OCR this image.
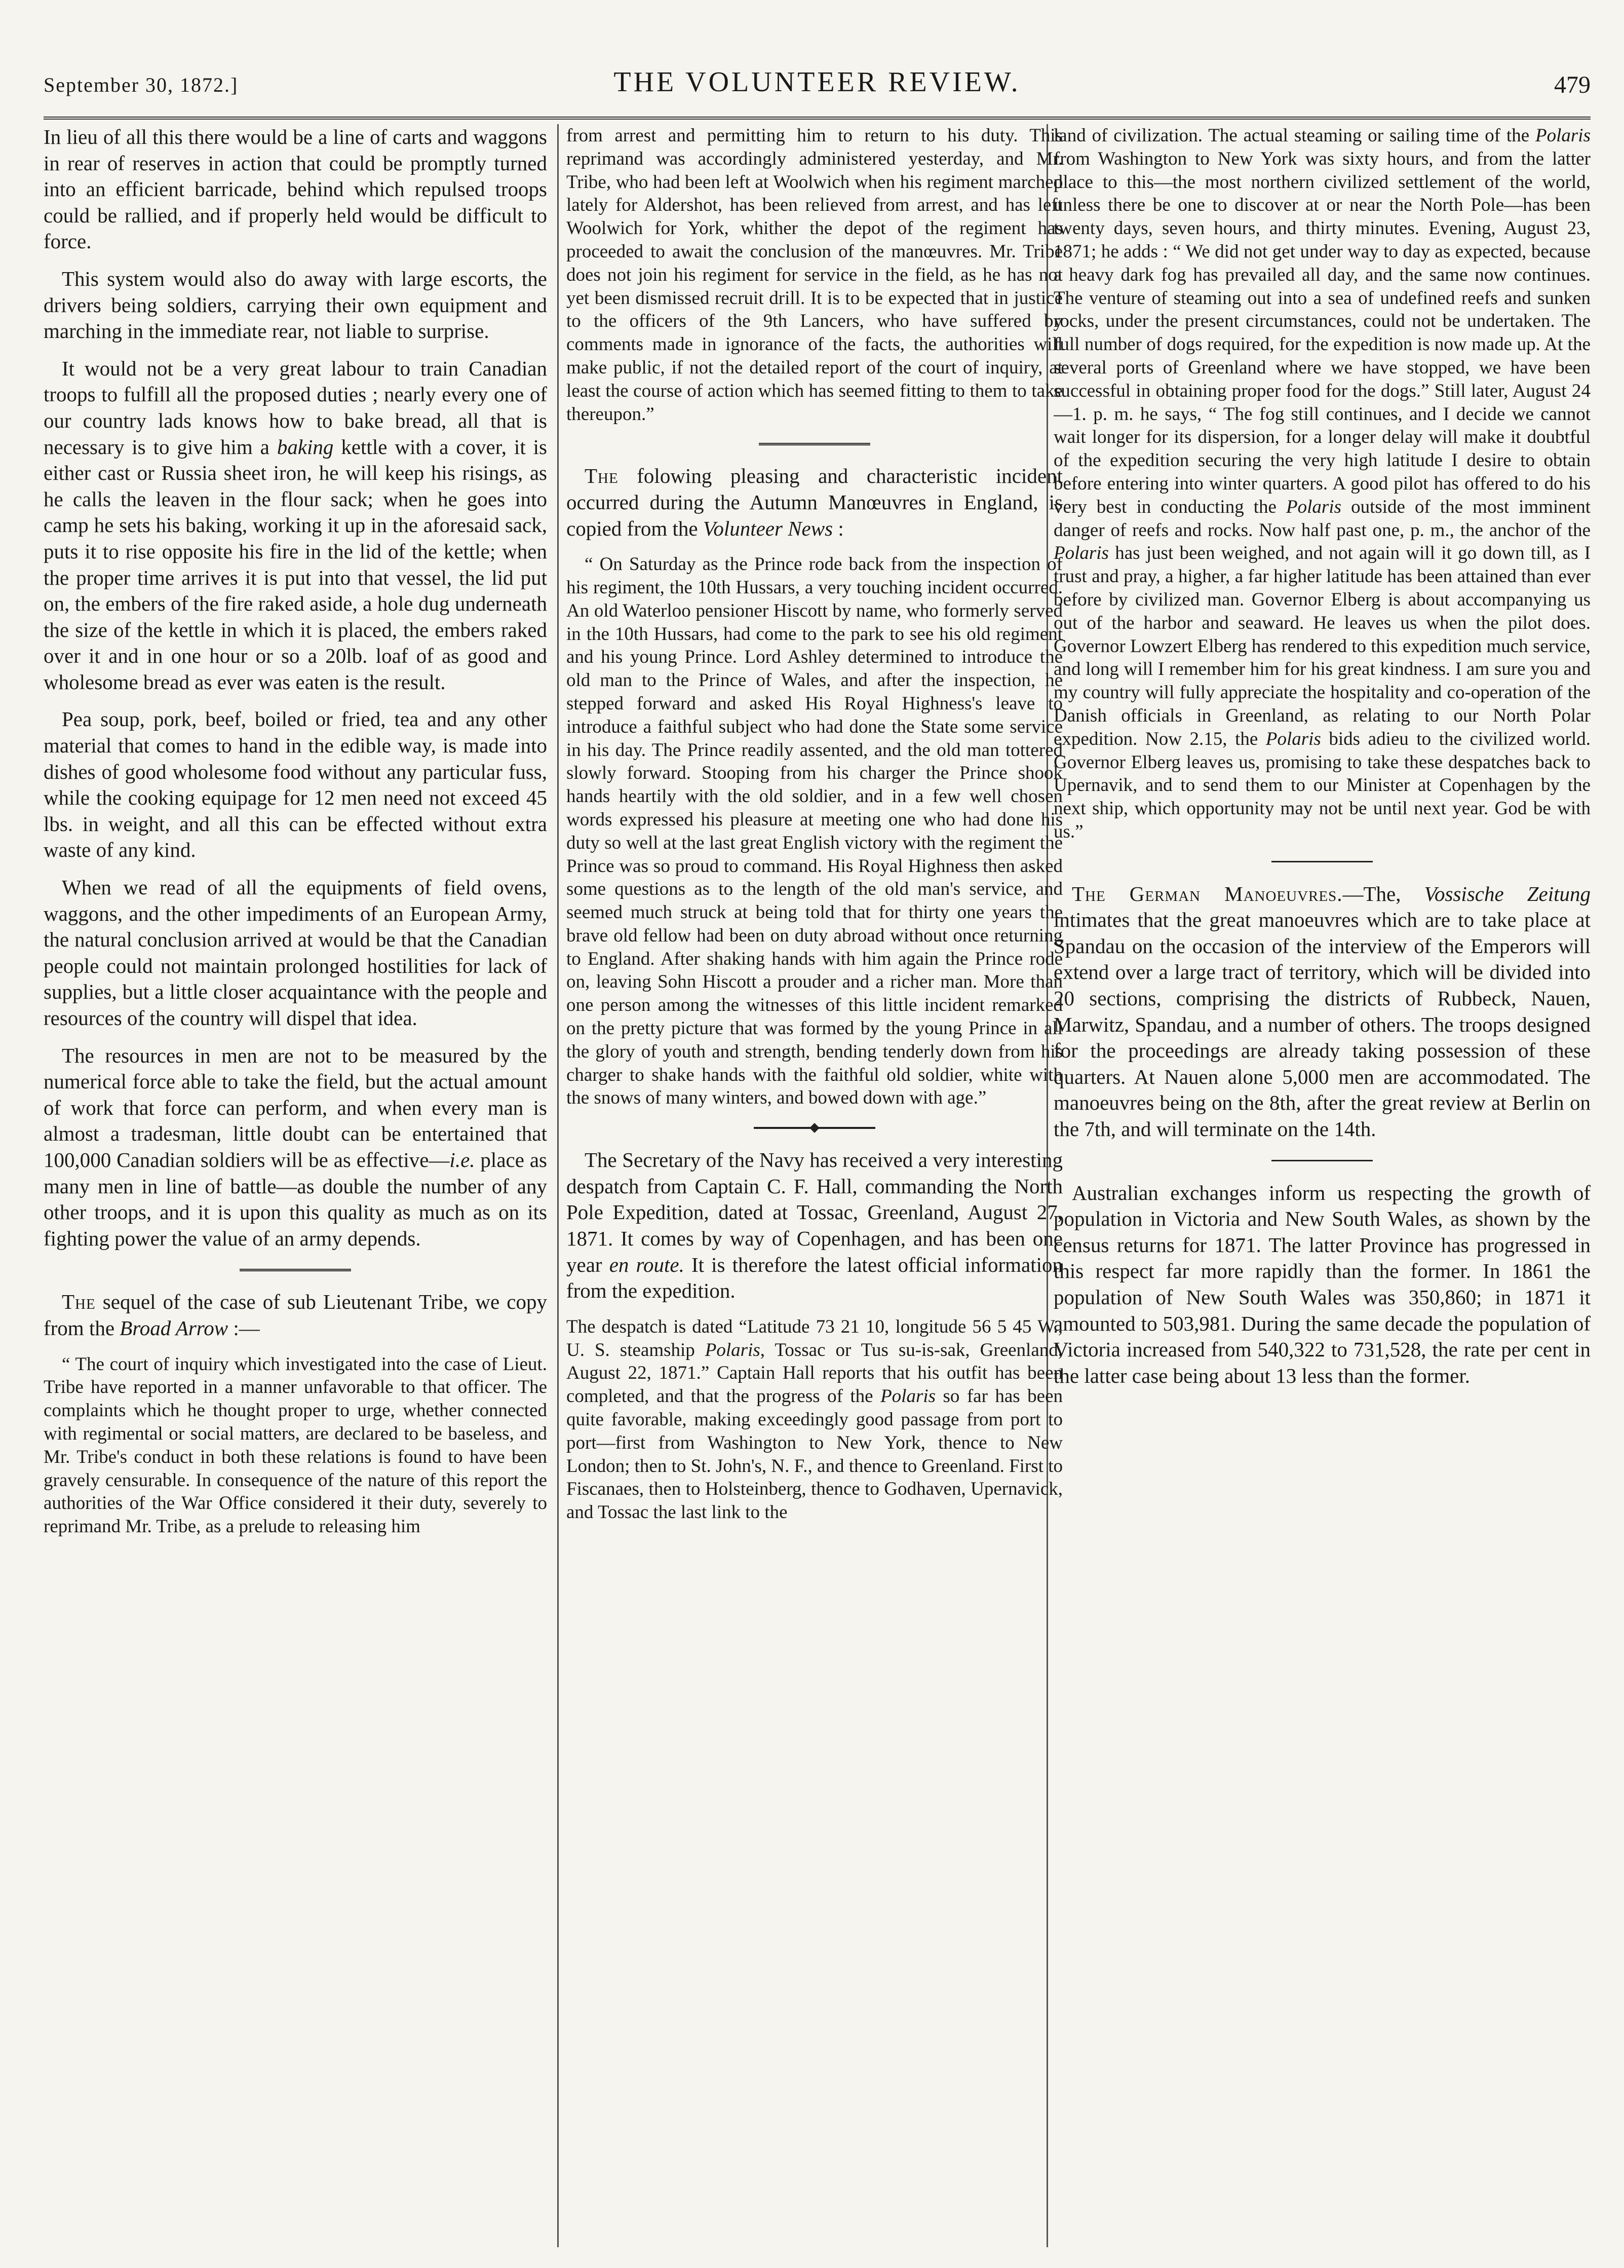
September 30, 1872.]	THE VOLUNTEER REVIEW.	479

In lieu of all this there would be a line of carts and waggons in rear of reserves in action that could be promptly turned into an efficient barricade, behind which repulsed troops could be rallied, and if properly held would be difficult to force.

This system would also do away with large escorts, the drivers being soldiers, carrying their own equipment and marching in the immediate rear, not liable to surprise.

It would not be a very great labour to train Canadian troops to fulfill all the proposed duties ; nearly every one of our country lads knows how to bake bread, all that is necessary is to give him a baking kettle with a cover, it is either cast or Russia sheet iron, he will keep his risings, as he calls the leaven in the flour sack; when he goes into camp he sets his baking, working it up in the aforesaid sack, puts it to rise opposite his fire in the lid of the kettle; when the proper time arrives it is put into that vessel, the lid put on, the embers of the fire raked aside, a hole dug underneath the size of the kettle in which it is placed, the embers raked over it and in one hour or so a 20lb. loaf of as good and wholesome bread as ever was eaten is the result.

Pea soup, pork, beef, boiled or fried, tea and any other material that comes to hand in the edible way, is made into dishes of good wholesome food without any particular fuss, while the cooking equipage for 12 men need not exceed 45 lbs. in weight, and all this can be effected without extra waste of any kind.

When we read of all the equipments of field ovens, waggons, and the other impediments of an European Army, the natural conclusion arrived at would be that the Canadian people could not maintain prolonged hostilities for lack of supplies, but a little closer acquaintance with the people and resources of the country will dispel that idea.

The resources in men are not to be measured by the numerical force able to take the field, but the actual amount of work that force can perform, and when every man is almost a tradesman, little doubt can be entertained that 100,000 Canadian soldiers will be as effective—i.e. place as many men in line of battle—as double the number of any other troops, and it is upon this quality as much as on its fighting power the value of an army depends.

The sequel of the case of sub Lieutenant Tribe, we copy from the Broad Arrow :—

“ The court of inquiry which investigated into the case of Lieut. Tribe have reported in a manner unfavorable to that officer. The complaints which he thought proper to urge, whether connected with regimental or social matters, are declared to be baseless, and Mr. Tribe's conduct in both these relations is found to have been gravely censurable. In consequence of the nature of this report the authorities of the War Office considered it their duty, severely to reprimand Mr. Tribe, as a prelude to releasing him

from arrest and permitting him to return to his duty. This reprimand was accordingly administered yesterday, and Mr. Tribe, who had been left at Woolwich when his regiment marched lately for Aldershot, has been relieved from arrest, and has left Woolwich for York, whither the depot of the regiment has proceeded to await the conclusion of the manœuvres. Mr. Tribe does not join his regiment for service in the field, as he has not yet been dismissed recruit drill. It is to be expected that in justice to the officers of the 9th Lancers, who have suffered by comments made in ignorance of the facts, the authorities will make public, if not the detailed report of the court of inquiry, at least the course of action which has seemed fitting to them to take thereupon.”

The folowing pleasing and characteristic incident occurred during the Autumn Manœuvres in England, is copied from the Volunteer News :

“ On Saturday as the Prince rode back from the inspection of his regiment, the 10th Hussars, a very touching incident occurred. An old Waterloo pensioner Hiscott by name, who formerly served in the 10th Hussars, had come to the park to see his old regiment and his young Prince. Lord Ashley determined to introduce the old man to the Prince of Wales, and after the inspection, he stepped forward and asked His Royal Highness's leave to introduce a faithful subject who had done the State some service in his day. The Prince readily assented, and the old man tottered slowly forward. Stooping from his charger the Prince shook hands heartily with the old soldier, and in a few well chosen words expressed his pleasure at meeting one who had done his duty so well at the last great English victory with the regiment the Prince was so proud to command. His Royal Highness then asked some questions as to the length of the old man's service, and seemed much struck at being told that for thirty one years the brave old fellow had been on duty abroad without once returning to England. After shaking hands with him again the Prince rode on, leaving Sohn Hiscott a prouder and a richer man. More than one person among the witnesses of this little incident remarked on the pretty picture that was formed by the young Prince in all the glory of youth and strength, bending tenderly down from his charger to shake hands with the faithful old soldier, white with the snows of many winters, and bowed down with age.”

The Secretary of the Navy has received a very interesting despatch from Captain C. F. Hall, commanding the North Pole Expedition, dated at Tossac, Greenland, August 27, 1871. It comes by way of Copenhagen, and has been one year en route. It is therefore the latest official information from the expedition.

The despatch is dated “Latitude 73 21 10, longitude 56 5 45 W., U. S. steamship Polaris, Tossac or Tus su-is-sak, Greenland, August 22, 1871.” Captain Hall reports that his outfit has been completed, and that the progress of the Polaris so far has been quite favorable, making exceedingly good passage from port to port—first from Washington to New York, thence to New London; then to St. John's, N. F., and thence to Greenland. First to Fiscanaes, then to Holsteinberg, thence to Godhaven, Upernavick, and Tossac the last link to the

land of civilization. The actual steaming or sailing time of the Polaris from Washington to New York was sixty hours, and from the latter place to this—the most northern civilized settlement of the world, unless there be one to discover at or near the North Pole—has been twenty days, seven hours, and thirty minutes. Evening, August 23, 1871; he adds : “ We did not get under way to day as expected, because a heavy dark fog has prevailed all day, and the same now continues. The venture of steaming out into a sea of undefined reefs and sunken rocks, under the present circumstances, could not be undertaken. The full number of dogs required, for the expedition is now made up. At the several ports of Greenland where we have stopped, we have been successful in obtaining proper food for the dogs.” Still later, August 24—1. p. m. he says, “ The fog still continues, and I decide we cannot wait longer for its dispersion, for a longer delay will make it doubtful of the expedition securing the very high latitude I desire to obtain before entering into winter quarters. A good pilot has offered to do his very best in conducting the Polaris outside of the most imminent danger of reefs and rocks. Now half past one, p. m., the anchor of the Polaris has just been weighed, and not again will it go down till, as I trust and pray, a higher, a far higher latitude has been attained than ever before by civilized man. Governor Elberg is about accompanying us out of the harbor and seaward. He leaves us when the pilot does. Governor Lowzert Elberg has rendered to this expedition much service, and long will I remember him for his great kindness. I am sure you and my country will fully appreciate the hospitality and co-operation of the Danish officials in Greenland, as relating to our North Polar expedition. Now 2.15, the Polaris bids adieu to the civilized world. Governor Elberg leaves us, promising to take these despatches back to Upernavik, and to send them to our Minister at Copenhagen by the next ship, which opportunity may not be until next year. God be with us.”

The German Manoeuvres.—The, Vossische Zeitung intimates that the great manoeuvres which are to take place at Spandau on the occasion of the interview of the Emperors will extend over a large tract of territory, which will be divided into 20 sections, comprising the districts of Rubbeck, Nauen, Marwitz, Spandau, and a number of others. The troops designed for the proceedings are already taking possession of these quarters. At Nauen alone 5,000 men are accommodated. The manoeuvres being on the 8th, after the great review at Berlin on the 7th, and will terminate on the 14th.

Australian exchanges inform us respecting the growth of population in Victoria and New South Wales, as shown by the census returns for 1871. The latter Province has progressed in this respect far more rapidly than the former. In 1861 the population of New South Wales was 350,860; in 1871 it amounted to 503,981. During the same decade the population of Victoria increased from 540,322 to 731,528, the rate per cent in the latter case being about 13 less than the former.
